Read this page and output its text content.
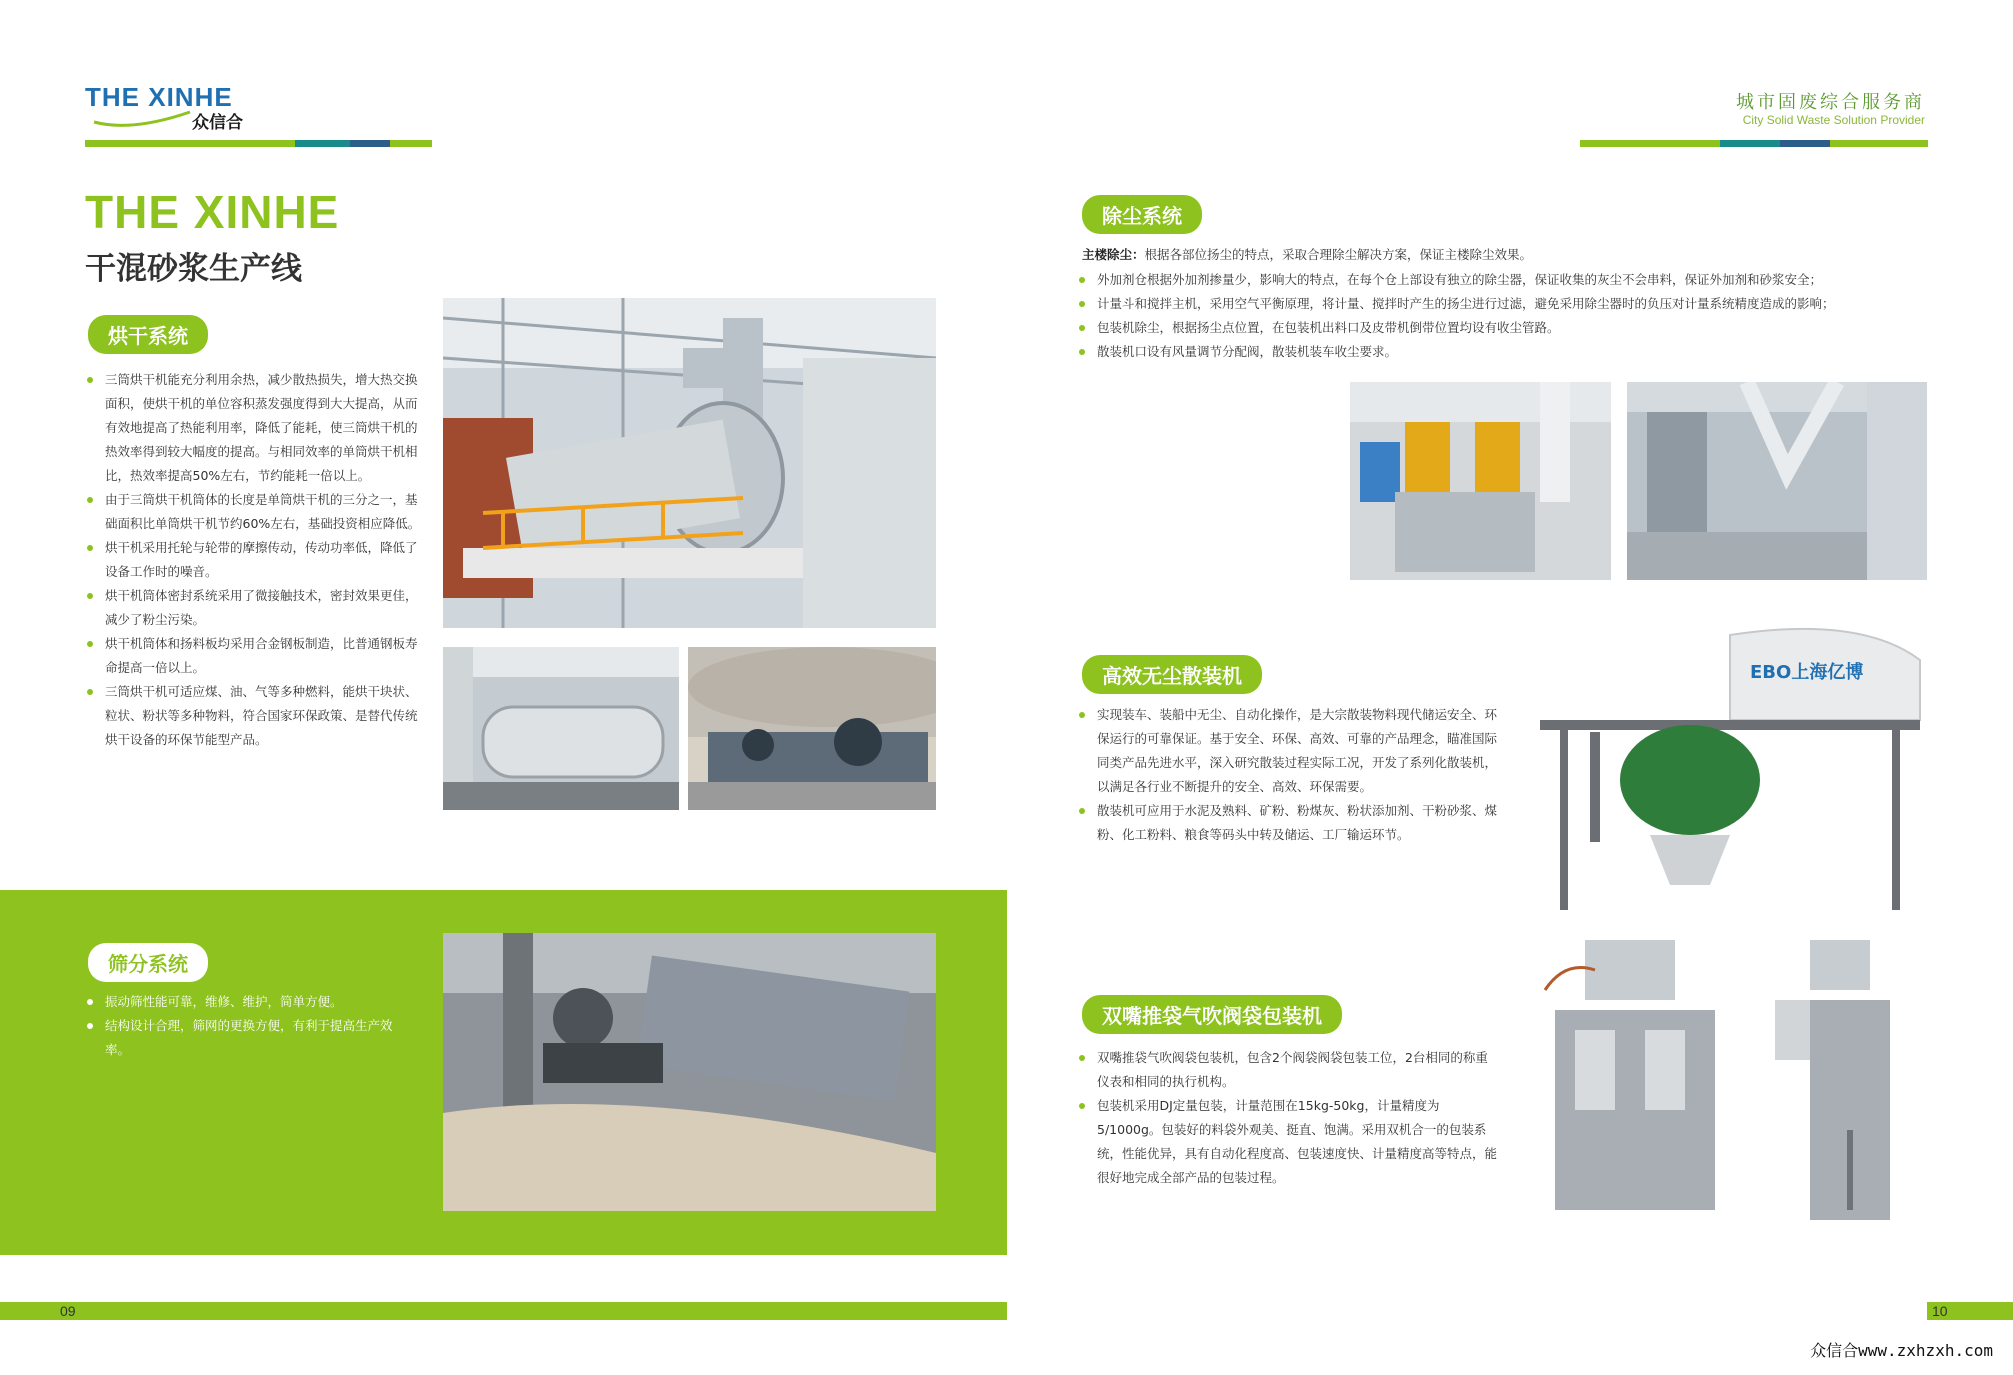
THE XINHE
众信合
城市固废综合服务商
City Solid Waste Solution Provider
THE XINHE
干混砂浆生产线
烘干系统
三筒烘干机能充分利用余热，减少散热损失，增大热交换面积，使烘干机的单位容积蒸发强度得到大大提高，从而有效地提高了热能利用率，降低了能耗，使三筒烘干机的热效率得到较大幅度的提高。与相同效率的单筒烘干机相比，热效率提高50%左右，节约能耗一倍以上。
由于三筒烘干机筒体的长度是单筒烘干机的三分之一，基础面积比单筒烘干机节约60%左右，基础投资相应降低。
烘干机采用托轮与轮带的摩擦传动，传动功率低，降低了设备工作时的噪音。
烘干机筒体密封系统采用了微接触技术，密封效果更佳，减少了粉尘污染。
烘干机筒体和扬料板均采用合金钢板制造，比普通钢板寿命提高一倍以上。
三筒烘干机可适应煤、油、气等多种燃料，能烘干块状、粒状、粉状等多种物料，符合国家环保政策、是替代传统烘干设备的环保节能型产品。
筛分系统
振动筛性能可靠，维修、维护，简单方便。
结构设计合理，筛网的更换方便，有利于提高生产效率。
除尘系统
主楼除尘：根据各部位扬尘的特点，采取合理除尘解决方案，保证主楼除尘效果。
外加剂仓根据外加剂掺量少，影响大的特点，在每个仓上部设有独立的除尘器，保证收集的灰尘不会串料，保证外加剂和砂浆安全；
计量斗和搅拌主机，采用空气平衡原理，将计量、搅拌时产生的扬尘进行过滤，避免采用除尘器时的负压对计量系统精度造成的影响；
包装机除尘，根据扬尘点位置，在包装机出料口及皮带机倒带位置均设有收尘管路。
散装机口设有风量调节分配阀，散装机装车收尘要求。
高效无尘散装机
实现装车、装船中无尘、自动化操作，是大宗散装物料现代储运安全、环保运行的可靠保证。基于安全、环保、高效、可靠的产品理念，瞄准国际同类产品先进水平，深入研究散装过程实际工况，开发了系列化散装机，以满足各行业不断提升的安全、高效、环保需要。
散装机可应用于水泥及熟料、矿粉、粉煤灰、粉状添加剂、干粉砂浆、煤粉、化工粉料、粮食等码头中转及储运、工厂输运环节。
EBO上海亿博
双嘴推袋气吹阀袋包装机
双嘴推袋气吹阀袋包装机，包含2个阀袋阀袋包装工位，2台相同的称重仪表和相同的执行机构。
包装机采用DJ定量包装，计量范围在15kg-50kg，计量精度为5/1000g。包装好的料袋外观美、挺直、饱满。采用双机合一的包装系统，性能优异，具有自动化程度高、包装速度快、计量精度高等特点，能很好地完成全部产品的包装过程。
09	10
众信合www.zxhzxh.com
